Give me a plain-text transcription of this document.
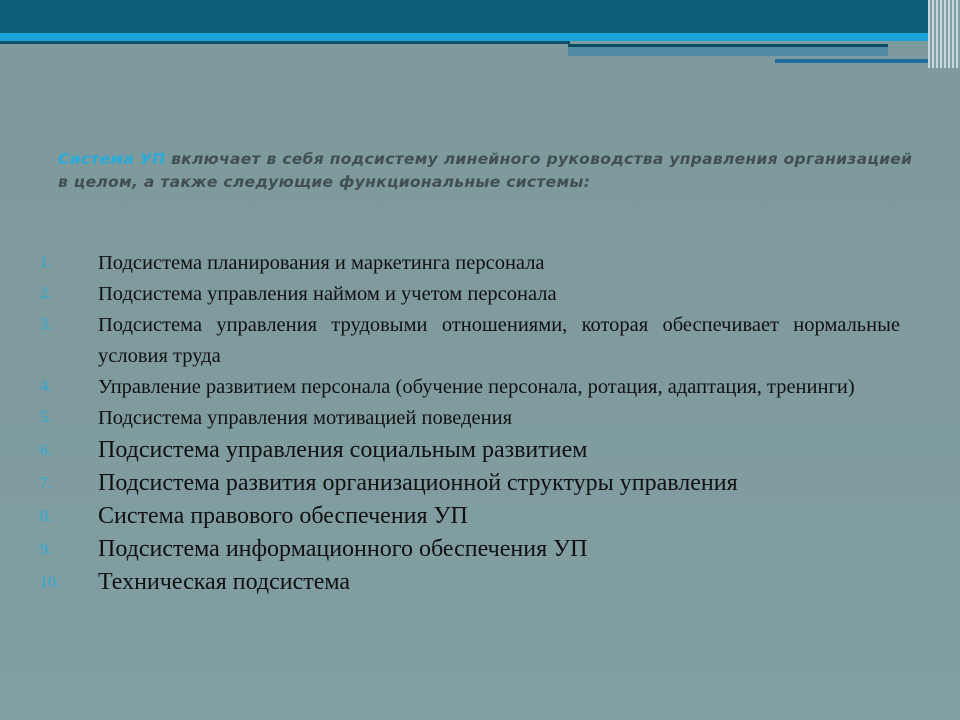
Система УП включает в себя подсистему линейного руководства управления организацией в целом, а также следующие функциональные системы:
1.	Подсистема планирования и маркетинга персонала
2.	Подсистема управления наймом и учетом персонала
3.	Подсистема управления трудовыми отношениями, которая обеспечивает нормальные условия труда
4.	Управление развитием персонала (обучение персонала, ротация, адаптация, тренинги)
5.	Подсистема управления мотивацией поведения
6.	Подсистема управления социальным развитием
7.	Подсистема развития организационной структуры управления
8.	Система правового обеспечения УП
9.	Подсистема информационного обеспечения УП
10.	Техническая подсистема
